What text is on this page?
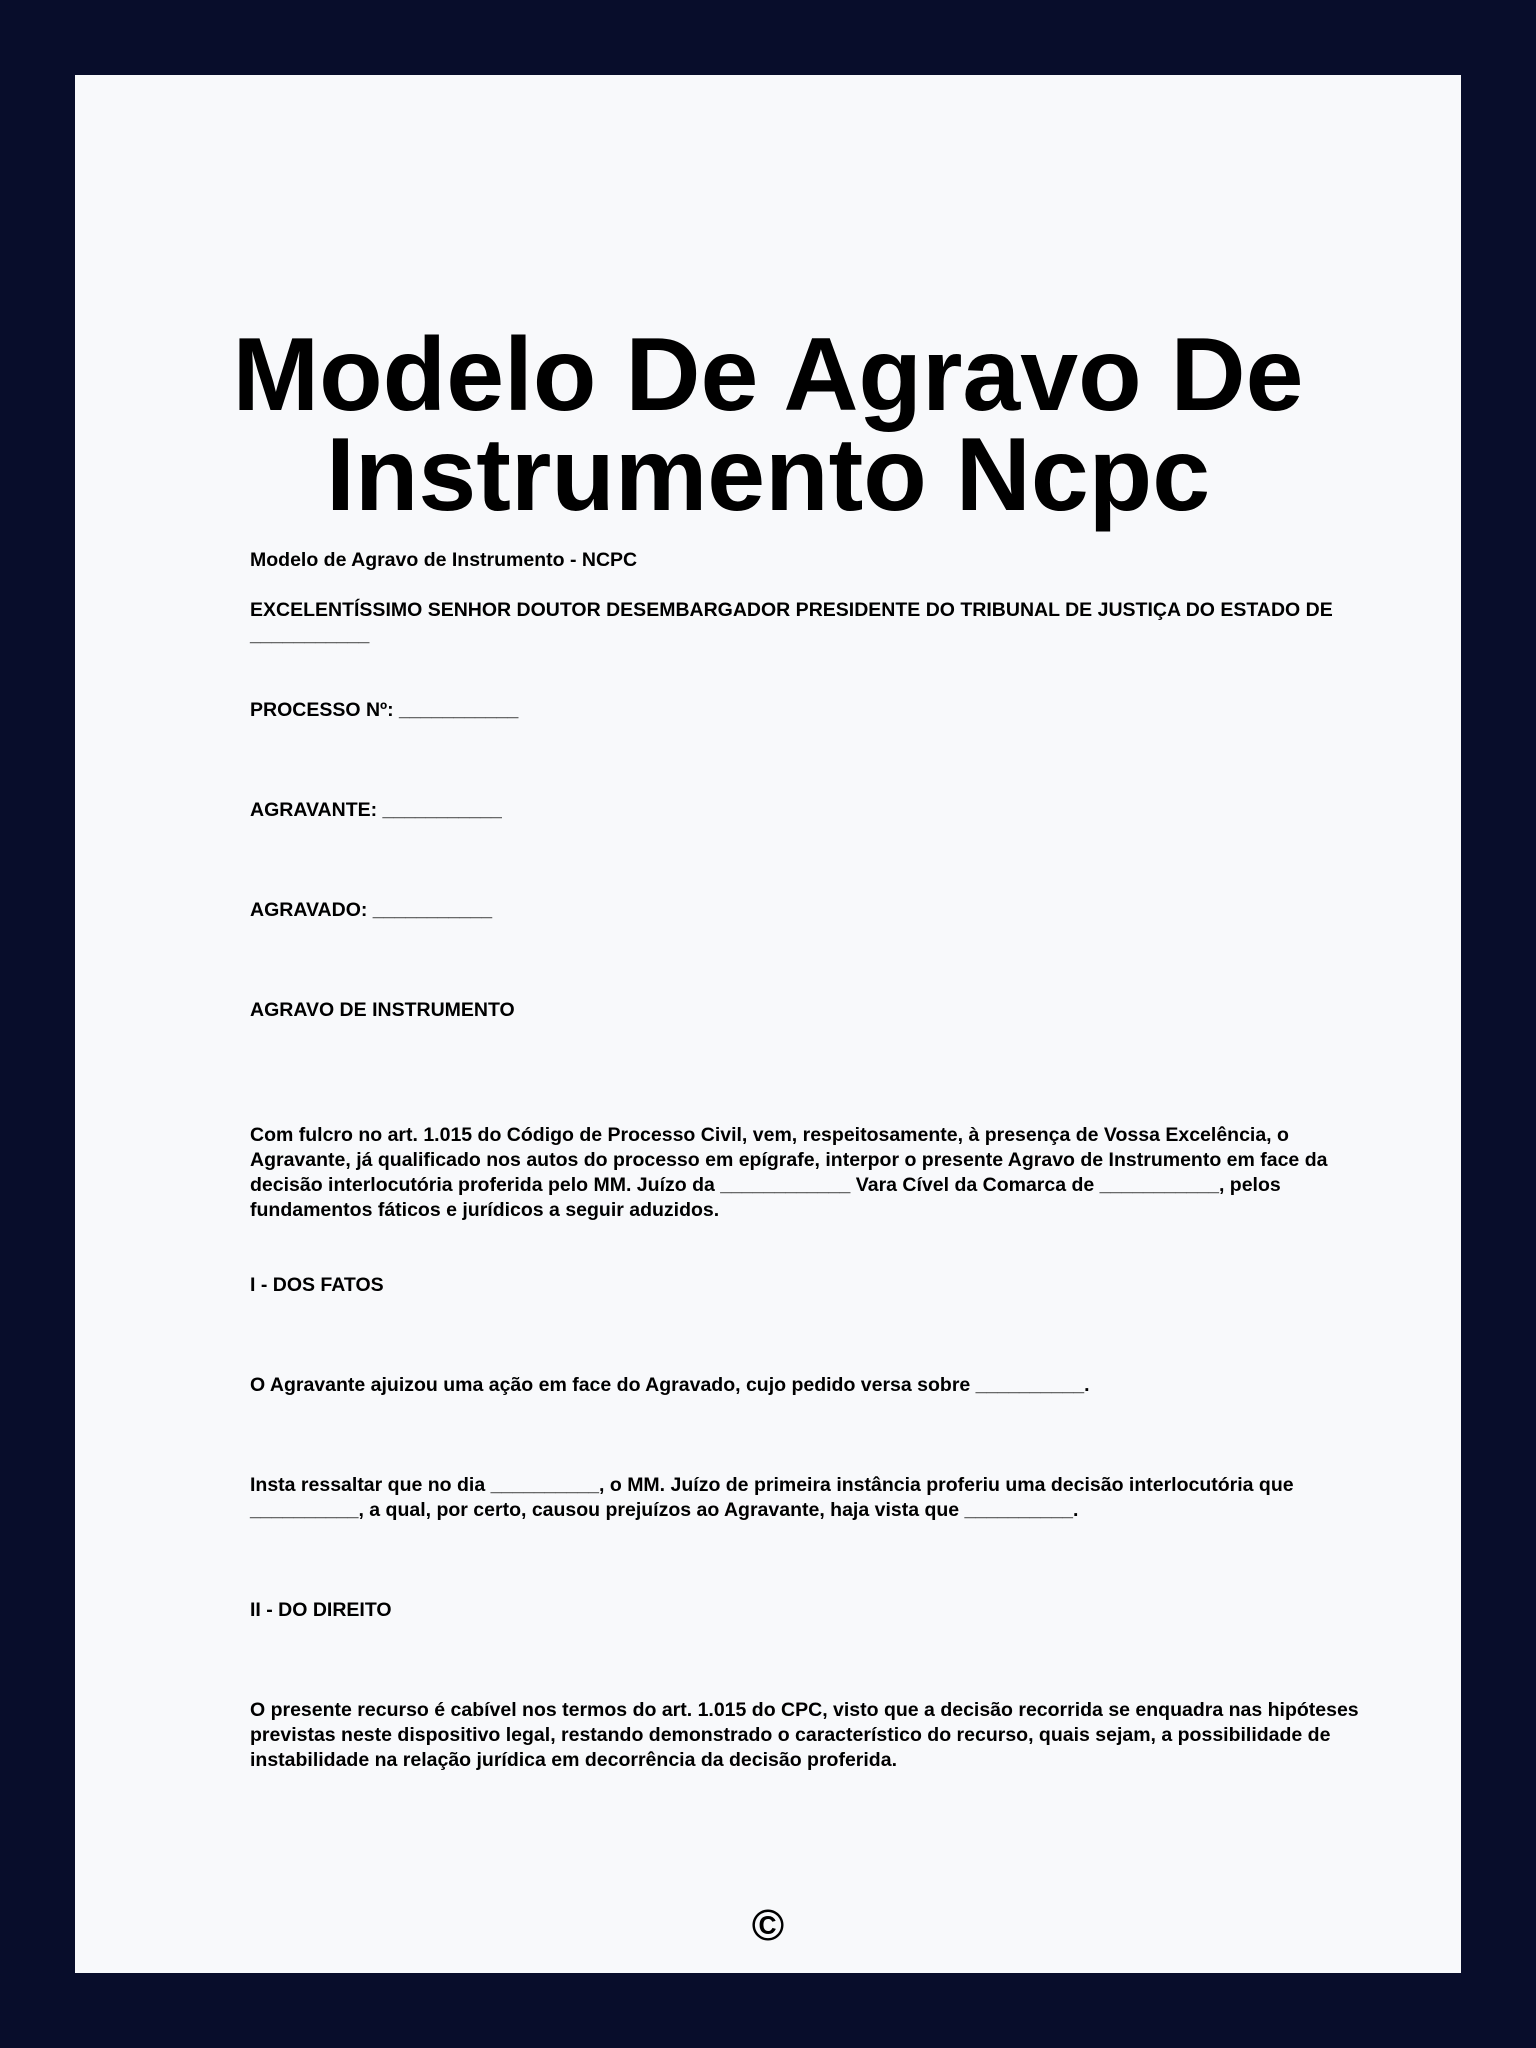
Modelo De Agravo De
Instrumento Ncpc

Modelo de Agravo de Instrumento - NCPC

EXCELENTÍSSIMO SENHOR DOUTOR DESEMBARGADOR PRESIDENTE DO TRIBUNAL DE JUSTIÇA DO ESTADO DE ___________

PROCESSO Nº: ___________

AGRAVANTE: ___________

AGRAVADO: ___________

AGRAVO DE INSTRUMENTO

Com fulcro no art. 1.015 do Código de Processo Civil, vem, respeitosamente, à presença de Vossa Excelência, o Agravante, já qualificado nos autos do processo em epígrafe, interpor o presente Agravo de Instrumento em face da decisão interlocutória proferida pelo MM. Juízo da ____________ Vara Cível da Comarca de ___________, pelos fundamentos fáticos e jurídicos a seguir aduzidos.

I - DOS FATOS

O Agravante ajuizou uma ação em face do Agravado, cujo pedido versa sobre __________.

Insta ressaltar que no dia __________, o MM. Juízo de primeira instância proferiu uma decisão interlocutória que __________, a qual, por certo, causou prejuízos ao Agravante, haja vista que __________.

II - DO DIREITO

O presente recurso é cabível nos termos do art. 1.015 do CPC, visto que a decisão recorrida se enquadra nas hipóteses previstas neste dispositivo legal, restando demonstrado o característico do recurso, quais sejam, a possibilidade de instabilidade na relação jurídica em decorrência da decisão proferida.

©
